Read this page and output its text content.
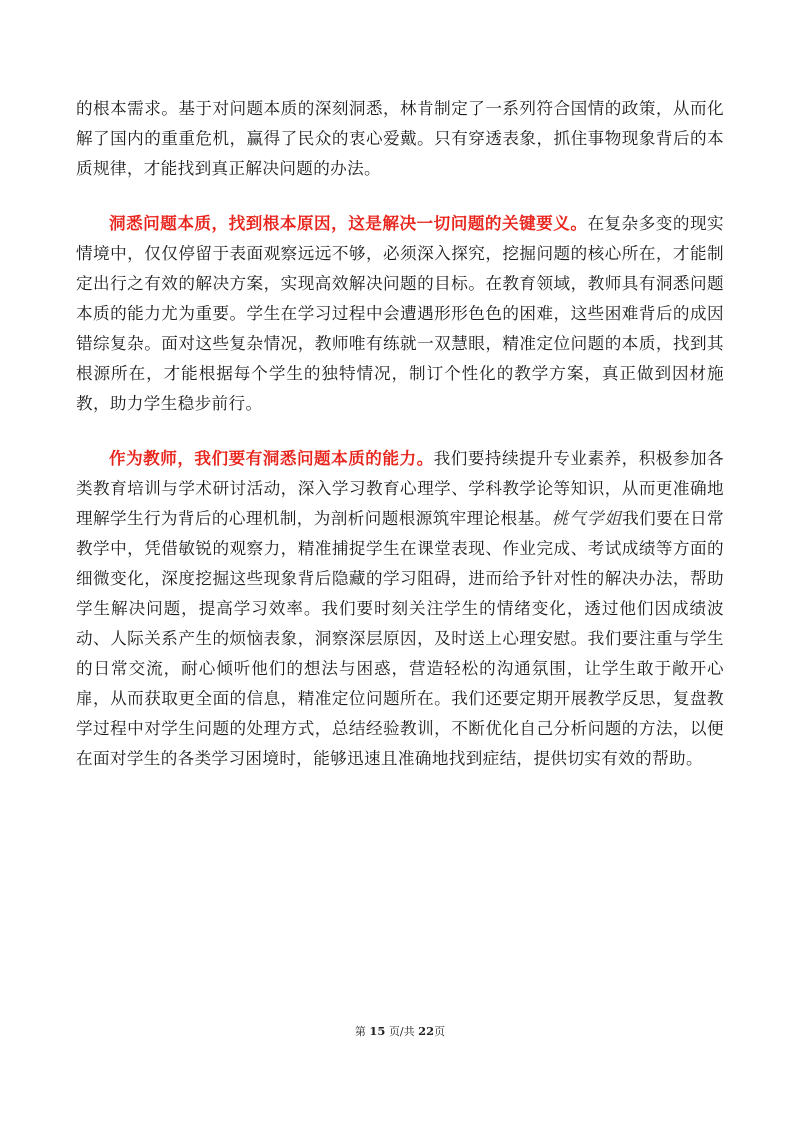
的根本需求。基于对问题本质的深刻洞悉，林肯制定了一系列符合国情的政策，从而化解了国内的重重危机，赢得了民众的衷心爱戴。只有穿透表象，抓住事物现象背后的本质规律，才能找到真正解决问题的办法。

洞悉问题本质，找到根本原因，这是解决一切问题的关键要义。在复杂多变的现实情境中，仅仅停留于表面观察远远不够，必须深入探究，挖掘问题的核心所在，才能制定出行之有效的解决方案，实现高效解决问题的目标。在教育领域，教师具有洞悉问题本质的能力尤为重要。学生在学习过程中会遭遇形形色色的困难，这些困难背后的成因错综复杂。面对这些复杂情况，教师唯有练就一双慧眼，精准定位问题的本质，找到其根源所在，才能根据每个学生的独特情况，制订个性化的教学方案，真正做到因材施教，助力学生稳步前行。

作为教师，我们要有洞悉问题本质的能力。我们要持续提升专业素养，积极参加各类教育培训与学术研讨活动，深入学习教育心理学、学科教学论等知识，从而更准确地理解学生行为背后的心理机制，为剖析问题根源筑牢理论根基。桃气学姐我们要在日常教学中，凭借敏锐的观察力，精准捕捉学生在课堂表现、作业完成、考试成绩等方面的细微变化，深度挖掘这些现象背后隐藏的学习阻碍，进而给予针对性的解决办法，帮助学生解决问题，提高学习效率。我们要时刻关注学生的情绪变化，透过他们因成绩波动、人际关系产生的烦恼表象，洞察深层原因，及时送上心理安慰。我们要注重与学生的日常交流，耐心倾听他们的想法与困惑，营造轻松的沟通氛围，让学生敢于敞开心扉，从而获取更全面的信息，精准定位问题所在。我们还要定期开展教学反思，复盘教学过程中对学生问题的处理方式，总结经验教训，不断优化自己分析问题的方法，以便在面对学生的各类学习困境时，能够迅速且准确地找到症结，提供切实有效的帮助。

第 15 页/共 22页
